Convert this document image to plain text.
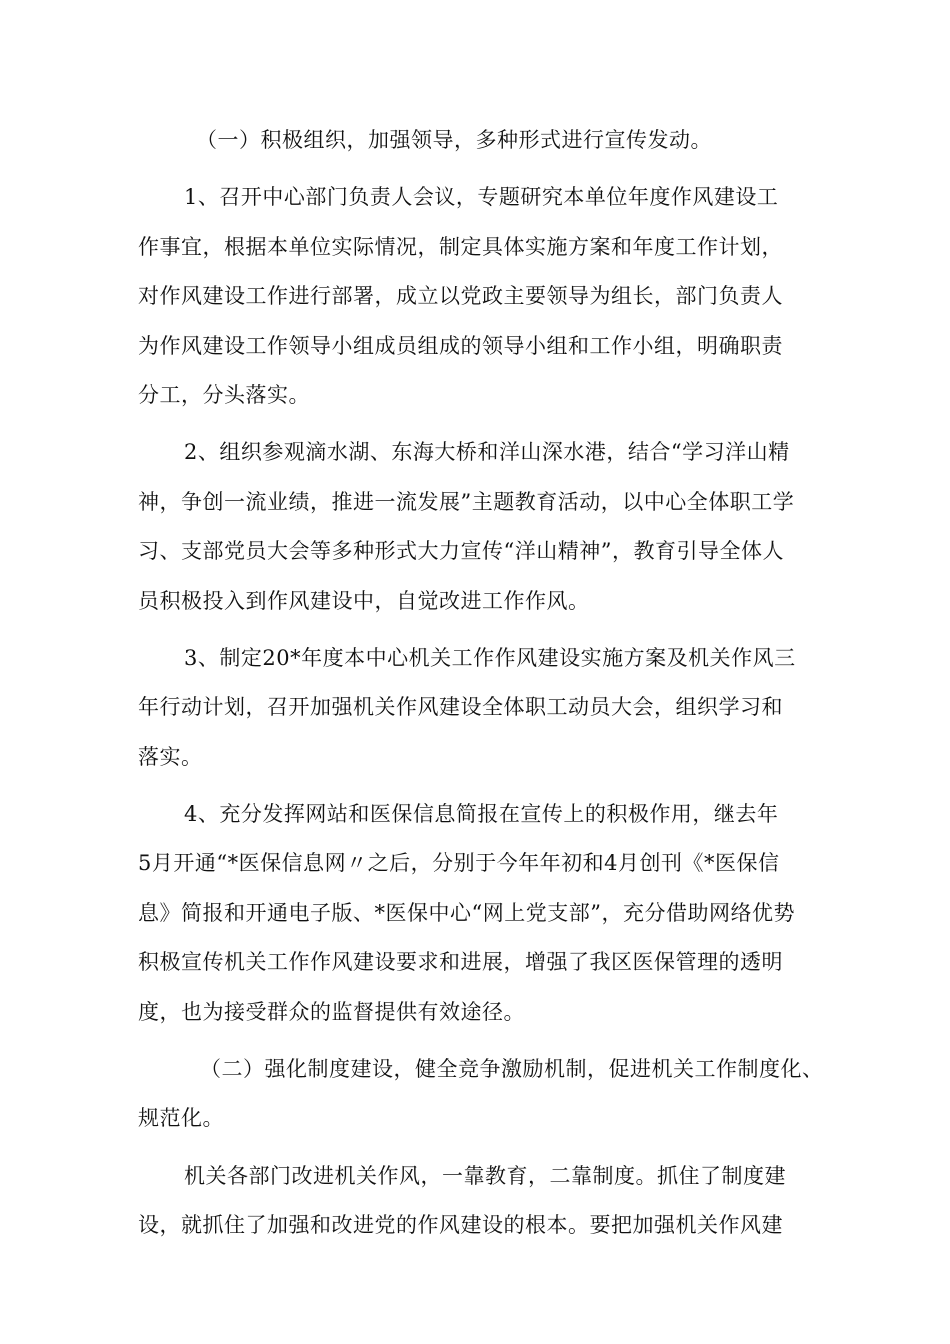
（一）积极组织，加强领导，多种形式进行宣传发动。
1、召开中心部门负责人会议，专题研究本单位年度作风建设工
作事宜，根据本单位实际情况，制定具体实施方案和年度工作计划，
对作风建设工作进行部署，成立以党政主要领导为组长，部门负责人
为作风建设工作领导小组成员组成的领导小组和工作小组，明确职责
分工，分头落实。
2、组织参观滴水湖、东海大桥和洋山深水港，结合“学习洋山精
神，争创一流业绩，推进一流发展”主题教育活动，以中心全体职工学
习、支部党员大会等多种形式大力宣传“洋山精神”，教育引导全体人
员积极投入到作风建设中，自觉改进工作作风。
3、制定20*年度本中心机关工作作风建设实施方案及机关作风三
年行动计划，召开加强机关作风建设全体职工动员大会，组织学习和
落实。
4、充分发挥网站和医保信息简报在宣传上的积极作用，继去年
5月开通“*医保信息网〃之后，分别于今年年初和4月创刊《*医保信
息》简报和开通电子版、*医保中心“网上党支部”，充分借助网络优势
积极宣传机关工作作风建设要求和进展，增强了我区医保管理的透明
度，也为接受群众的监督提供有效途径。
（二）强化制度建设，健全竞争激励机制，促进机关工作制度化、
规范化。
机关各部门改进机关作风，一靠教育，二靠制度。抓住了制度建
设，就抓住了加强和改进党的作风建设的根本。要把加强机关作风建
